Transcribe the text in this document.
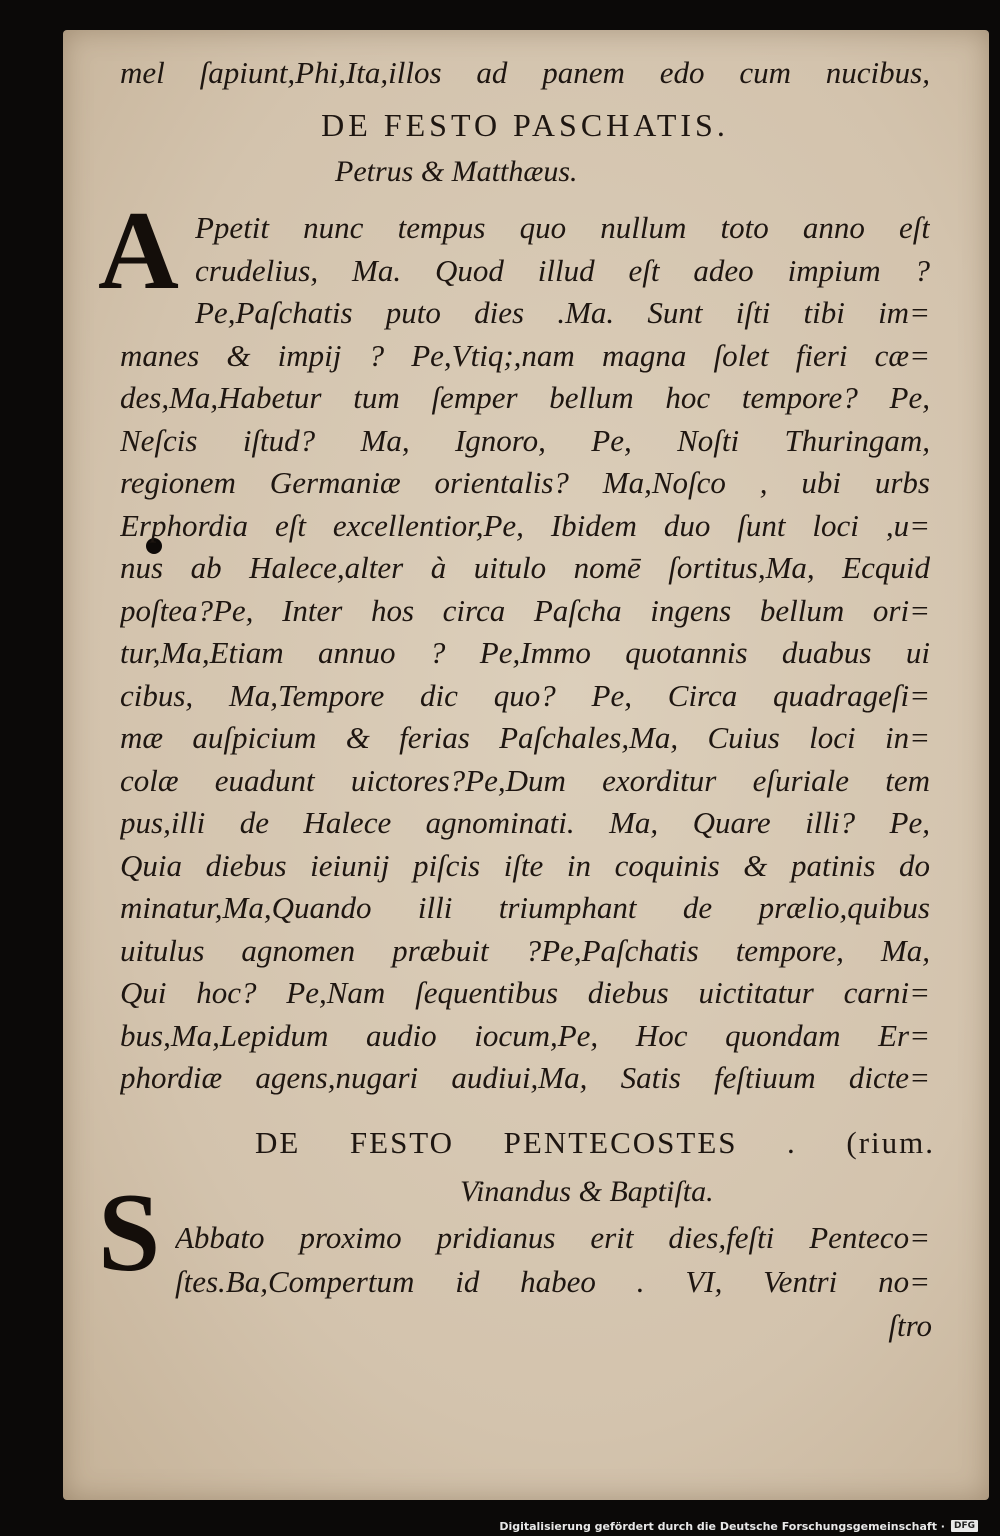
mel ſapiunt,Phi,Ita,illos ad panem edo cum nucibus,
DE FESTO PASCHATIS.
Petrus & Matthæus.
A Ppetit nunc tempus quo nullum toto anno eſt
crudelius, Ma. Quod illud eſt adeo impium ?
Pe,Paſchatis puto dies .Ma. Sunt iſti tibi im=
manes & impij ? Pe,Vtiq;,nam magna ſolet fieri cæ=
des,Ma,Habetur tum ſemper bellum hoc tempore? Pe,
Neſcis iſtud? Ma, Ignoro, Pe, Noſti Thuringam,
regionem Germaniæ orientalis? Ma,Noſco , ubi urbs
Erphordia eſt excellentior,Pe, Ibidem duo ſunt loci ,u=
nus ab Halece,alter à uitulo nomē ſortitus,Ma, Ecquid
poſtea?Pe, Inter hos circa Paſcha ingens bellum ori=
tur,Ma,Etiam annuo ? Pe,Immo quotannis duabus ui
cibus, Ma,Tempore dic quo? Pe, Circa quadrageſi=
mæ auſpicium & ferias Paſchales,Ma, Cuius loci in=
colæ euadunt uictores?Pe,Dum exorditur eſuriale tem
pus,illi de Halece agnominati. Ma, Quare illi? Pe,
Quia diebus ieiunij piſcis iſte in coquinis & patinis do
minatur,Ma,Quando illi triumphant de prælio,quibus
uitulus agnomen præbuit ?Pe,Paſchatis tempore, Ma,
Qui hoc? Pe,Nam ſequentibus diebus uictitatur carni=
bus,Ma,Lepidum audio iocum,Pe, Hoc quondam Er=
phordiæ agens,nugari audiui,Ma, Satis feſtiuum dicte=
DE FESTO PENTECOSTES . (rium.
Vinandus & Baptiſta.
S Abbato proximo pridianus erit dies,feſti Penteco=
ſtes.Ba,Compertum id habeo . VI, Ventri no=
ſtro
Digitalisierung gefördert durch die Deutsche Forschungsgemeinschaft ·	DFG
